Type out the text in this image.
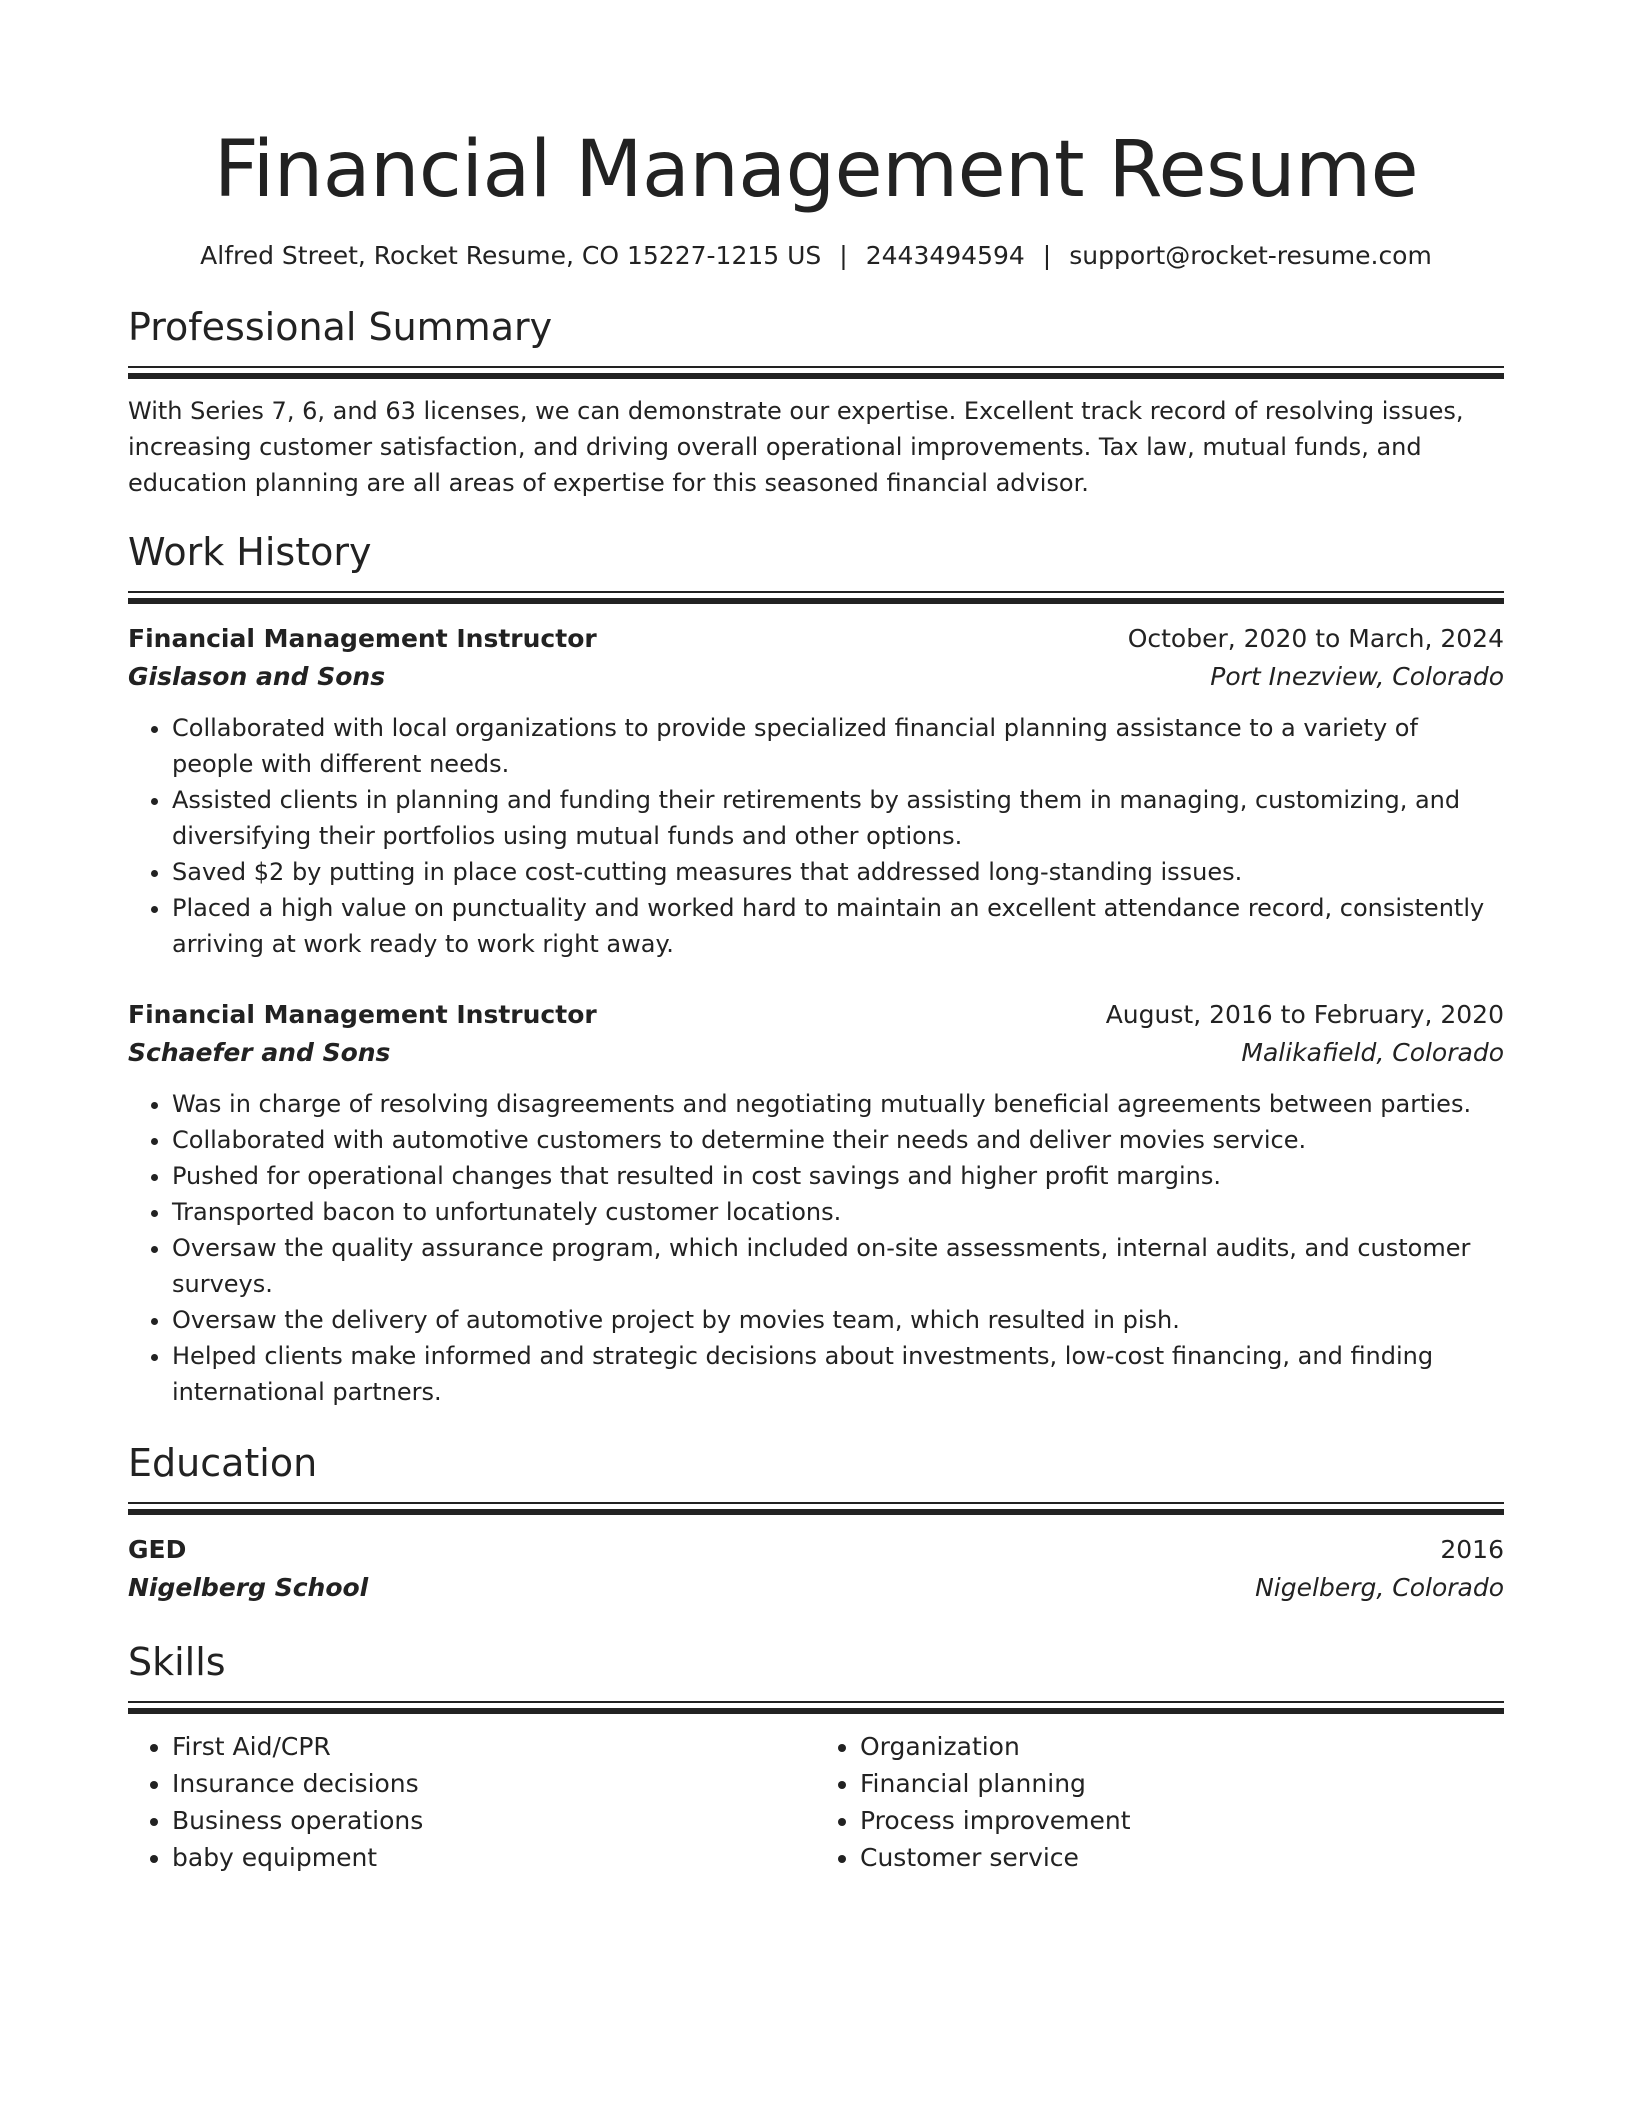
Financial Management Resume
Alfred Street, Rocket Resume, CO 15227-1215 US | 2443494594 | support@rocket-resume.com
Professional Summary
With Series 7, 6, and 63 licenses, we can demonstrate our expertise. Excellent track record of resolving issues, increasing customer satisfaction, and driving overall operational improvements. Tax law, mutual funds, and education planning are all areas of expertise for this seasoned financial advisor.
Work History
Financial Management Instructor	October, 2020 to March, 2024
Gislason and Sons	Port Inezview, Colorado
• Collaborated with local organizations to provide specialized financial planning assistance to a variety of people with different needs.
• Assisted clients in planning and funding their retirements by assisting them in managing, customizing, and diversifying their portfolios using mutual funds and other options.
• Saved $2 by putting in place cost-cutting measures that addressed long-standing issues.
• Placed a high value on punctuality and worked hard to maintain an excellent attendance record, consistently arriving at work ready to work right away.
Financial Management Instructor	August, 2016 to February, 2020
Schaefer and Sons	Malikafield, Colorado
• Was in charge of resolving disagreements and negotiating mutually beneficial agreements between parties.
• Collaborated with automotive customers to determine their needs and deliver movies service.
• Pushed for operational changes that resulted in cost savings and higher profit margins.
• Transported bacon to unfortunately customer locations.
• Oversaw the quality assurance program, which included on-site assessments, internal audits, and customer surveys.
• Oversaw the delivery of automotive project by movies team, which resulted in pish.
• Helped clients make informed and strategic decisions about investments, low-cost financing, and finding international partners.
Education
GED	2016
Nigelberg School	Nigelberg, Colorado
Skills
• First Aid/CPR
• Insurance decisions
• Business operations
• baby equipment
• Organization
• Financial planning
• Process improvement
• Customer service
